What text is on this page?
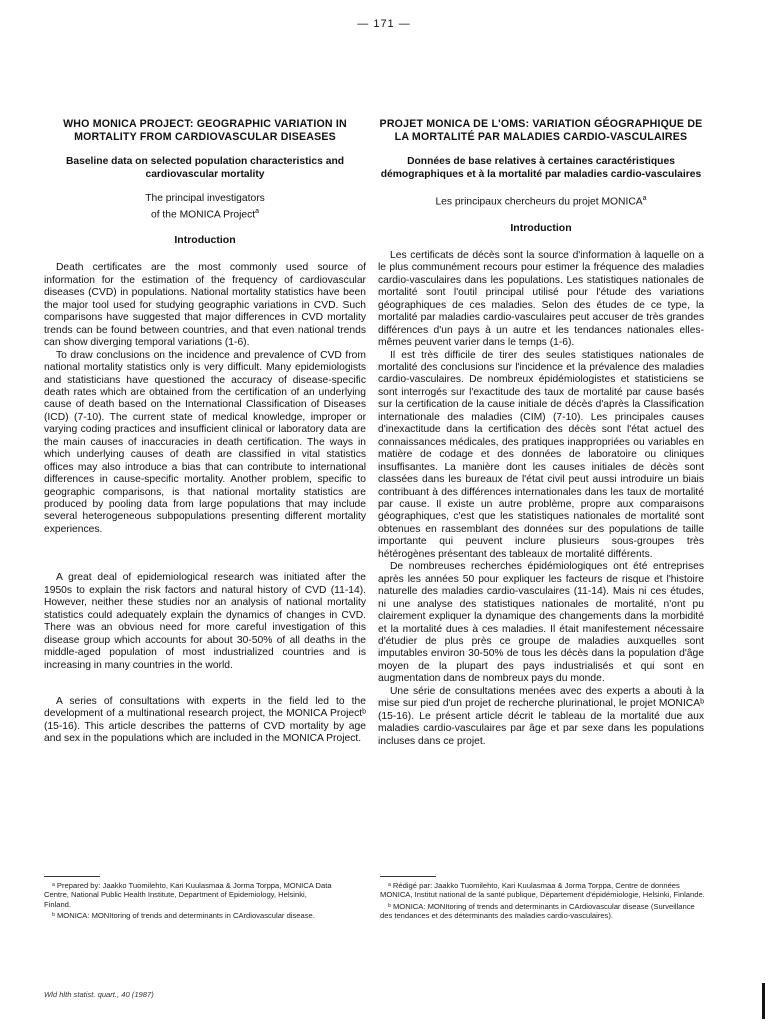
— 171 —
WHO MONICA PROJECT: GEOGRAPHIC VARIATION IN MORTALITY FROM CARDIOVASCULAR DISEASES
Baseline data on selected population characteristics and cardiovascular mortality
The principal investigators
of the MONICA Project$^a$
Introduction

Death certificates are the most commonly used source of information for the estimation of the frequency of cardiovascular diseases (CVD) in populations. National mortality statistics have been the major tool used for studying geographic variations in CVD. Such comparisons have suggested that major differences in CVD mortality trends can be found between countries, and that even national trends can show diverging temporal variations (1-6).

To draw conclusions on the incidence and prevalence of CVD from national mortality statistics only is very difficult. Many epidemiologists and statisticians have questioned the accuracy of disease-specific death rates which are obtained from the certification of an underlying cause of death based on the International Classification of Diseases (ICD) (7-10). The current state of medical knowledge, improper or varying coding practices and insufficient clinical or laboratory data are the main causes of inaccuracies in death certification. The ways in which underlying causes of death are classified in vital statistics offices may also introduce a bias that can contribute to international differences in cause-specific mortality. Another problem, specific to geographic comparisons, is that national mortality statistics are produced by pooling data from large populations that may include several heterogeneous subpopulations presenting different mortality experiences.

A great deal of epidemiological research was initiated after the 1950s to explain the risk factors and natural history of CVD (11-14). However, neither these studies nor an analysis of national mortality statistics could adequately explain the dynamics of changes in CVD. There was an obvious need for more careful investigation of this disease group which accounts for about 30-50% of all deaths in the middle-aged population of most industrialized countries and is increasing in many countries in the world.

A series of consultations with experts in the field led to the development of a multinational research project, the MONICA Projectᵇ (15-16). This article describes the patterns of CVD mortality by age and sex in the populations which are included in the MONICA Project.

PROJET MONICA DE L'OMS: VARIATION GÉOGRAPHIQUE DE LA MORTALITÉ PAR MALADIES CARDIO-VASCULAIRES
Données de base relatives à certaines caractéristiques démographiques et à la mortalité par maladies cardio-vasculaires
Les principaux chercheurs du projet MONICA$^a$
Introduction

Les certificats de décès sont la source d'information à laquelle on a le plus communément recours pour estimer la fréquence des maladies cardio-vasculaires dans les populations. Les statistiques nationales de mortalité sont l'outil principal utilisé pour l'étude des variations géographiques de ces maladies. Selon des études de ce type, la mortalité par maladies cardio-vasculaires peut accuser de très grandes différences d'un pays à un autre et les tendances nationales elles-mêmes peuvent varier dans le temps (1-6).

Il est très difficile de tirer des seules statistiques nationales de mortalité des conclusions sur l'incidence et la prévalence des maladies cardio-vasculaires. De nombreux épidémiologistes et statisticiens se sont interrogés sur l'exactitude des taux de mortalité par cause basés sur la certification de la cause initiale de décès d'après la Classification internationale des maladies (CIM) (7-10). Les principales causes d'inexactitude dans la certification des décès sont l'état actuel des connaissances médicales, des pratiques inappropriées ou variables en matière de codage et des données de laboratoire ou cliniques insuffisantes. La manière dont les causes initiales de décès sont classées dans les bureaux de l'état civil peut aussi introduire un biais contribuant à des différences internationales dans les taux de mortalité par cause. Il existe un autre problème, propre aux comparaisons géographiques, c'est que les statistiques nationales de mortalité sont obtenues en rassemblant des données sur des populations de taille importante qui peuvent inclure plusieurs sous-groupes très hétérogènes présentant des tableaux de mortalité différents.

De nombreuses recherches épidémiologiques ont été entreprises après les années 50 pour expliquer les facteurs de risque et l'histoire naturelle des maladies cardio-vasculaires (11-14). Mais ni ces études, ni une analyse des statistiques nationales de mortalité, n'ont pu clairement expliquer la dynamique des changements dans la morbidité et la mortalité dues à ces maladies. Il était manifestement nécessaire d'étudier de plus près ce groupe de maladies auxquelles sont imputables environ 30-50% de tous les décès dans la population d'âge moyen de la plupart des pays industrialisés et qui sont en augmentation dans de nombreux pays du monde.

Une série de consultations menées avec des experts a abouti à la mise sur pied d'un projet de recherche plurinational, le projet MONICAᵇ (15-16). Le présent article décrit le tableau de la mortalité due aux maladies cardio-vasculaires par âge et par sexe dans les populations incluses dans ce projet.

ᵃ Prepared by: Jaakko Tuomilehto, Kari Kuulasmaa & Jorma Torppa, MONICA Data Centre, National Public Health Institute, Department of Epidemiology, Helsinki, Finland.

ᵇ MONICA: MONItoring of trends and determinants in CArdiovascular disease.

ᵃ Rédigé par: Jaakko Tuomilehto, Kari Kuulasmaa & Jorma Torppa, Centre de données MONICA, Institut national de la santé publique, Département d'épidémiologie, Helsinki, Finlande.

ᵇ MONICA: MONItoring of trends and determinants in CArdiovascular disease (Surveillance des tendances et des déterminants des maladies cardio-vasculaires).

Wld hlth statist. quart., 40 (1987)
